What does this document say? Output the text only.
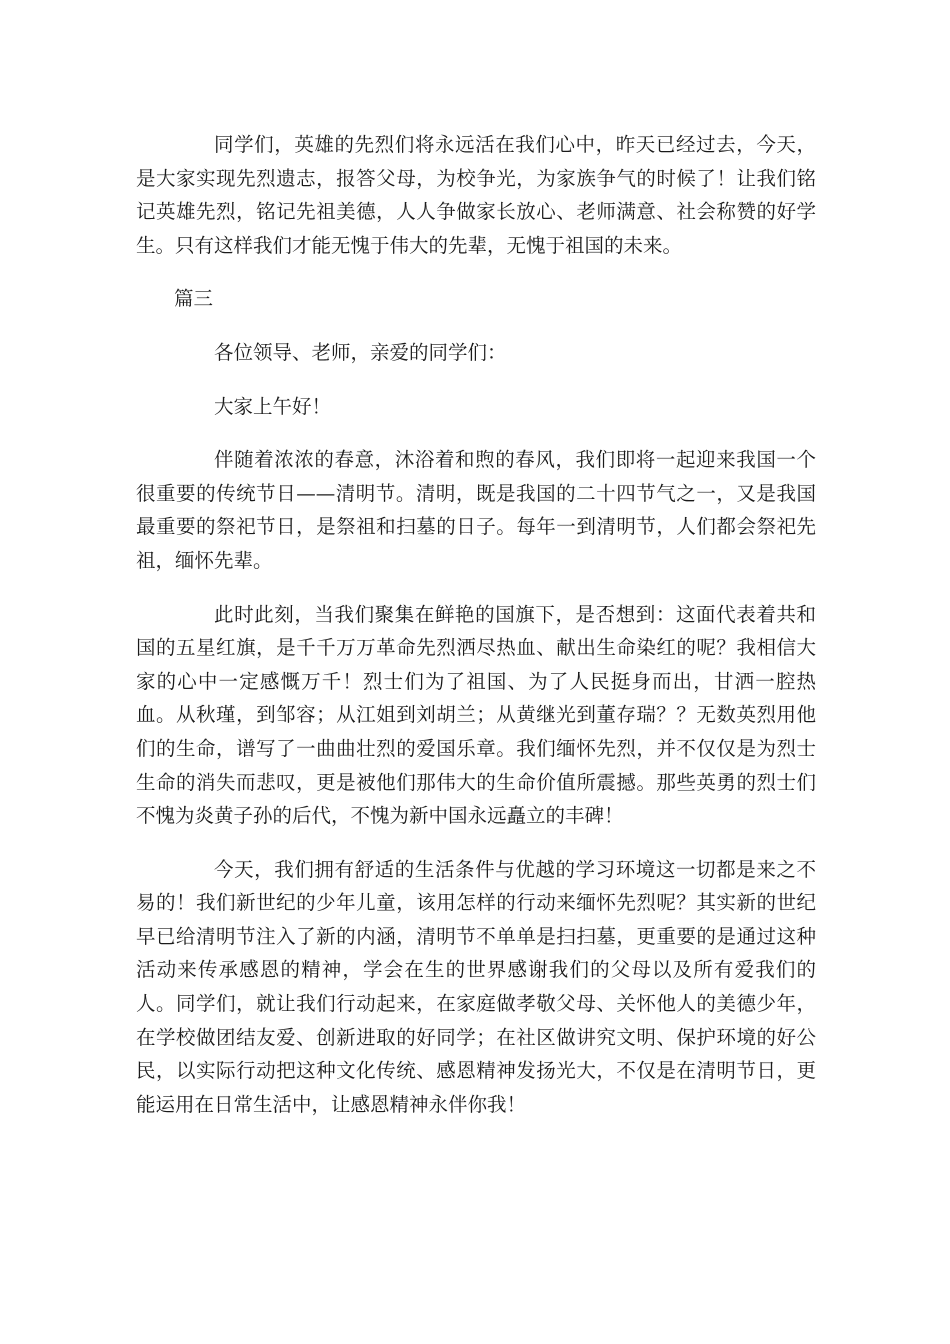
同学们，英雄的先烈们将永远活在我们心中，昨天已经过去，今天，是大家实现先烈遗志，报答父母，为校争光，为家族争气的时候了！让我们铭记英雄先烈，铭记先祖美德，人人争做家长放心、老师满意、社会称赞的好学生。只有这样我们才能无愧于伟大的先辈，无愧于祖国的未来。

篇三

各位领导、老师，亲爱的同学们：

大家上午好！

伴随着浓浓的春意，沐浴着和煦的春风，我们即将一起迎来我国一个很重要的传统节日——清明节。清明，既是我国的二十四节气之一，又是我国最重要的祭祀节日，是祭祖和扫墓的日子。每年一到清明节，人们都会祭祀先祖，缅怀先辈。

此时此刻，当我们聚集在鲜艳的国旗下，是否想到：这面代表着共和国的五星红旗，是千千万万革命先烈洒尽热血、献出生命染红的呢？我相信大家的心中一定感慨万千！烈士们为了祖国、为了人民挺身而出，甘洒一腔热血。从秋瑾，到邹容；从江姐到刘胡兰；从黄继光到董存瑞？？无数英烈用他们的生命，谱写了一曲曲壮烈的爱国乐章。我们缅怀先烈，并不仅仅是为烈士生命的消失而悲叹，更是被他们那伟大的生命价值所震撼。那些英勇的烈士们不愧为炎黄子孙的后代，不愧为新中国永远矗立的丰碑！

今天，我们拥有舒适的生活条件与优越的学习环境这一切都是来之不易的！我们新世纪的少年儿童，该用怎样的行动来缅怀先烈呢？其实新的世纪早已给清明节注入了新的内涵，清明节不单单是扫扫墓，更重要的是通过这种活动来传承感恩的精神，学会在生的世界感谢我们的父母以及所有爱我们的人。同学们，就让我们行动起来，在家庭做孝敬父母、关怀他人的美德少年，在学校做团结友爱、创新进取的好同学；在社区做讲究文明、保护环境的好公民，以实际行动把这种文化传统、感恩精神发扬光大，不仅是在清明节日，更能运用在日常生活中，让感恩精神永伴你我！
